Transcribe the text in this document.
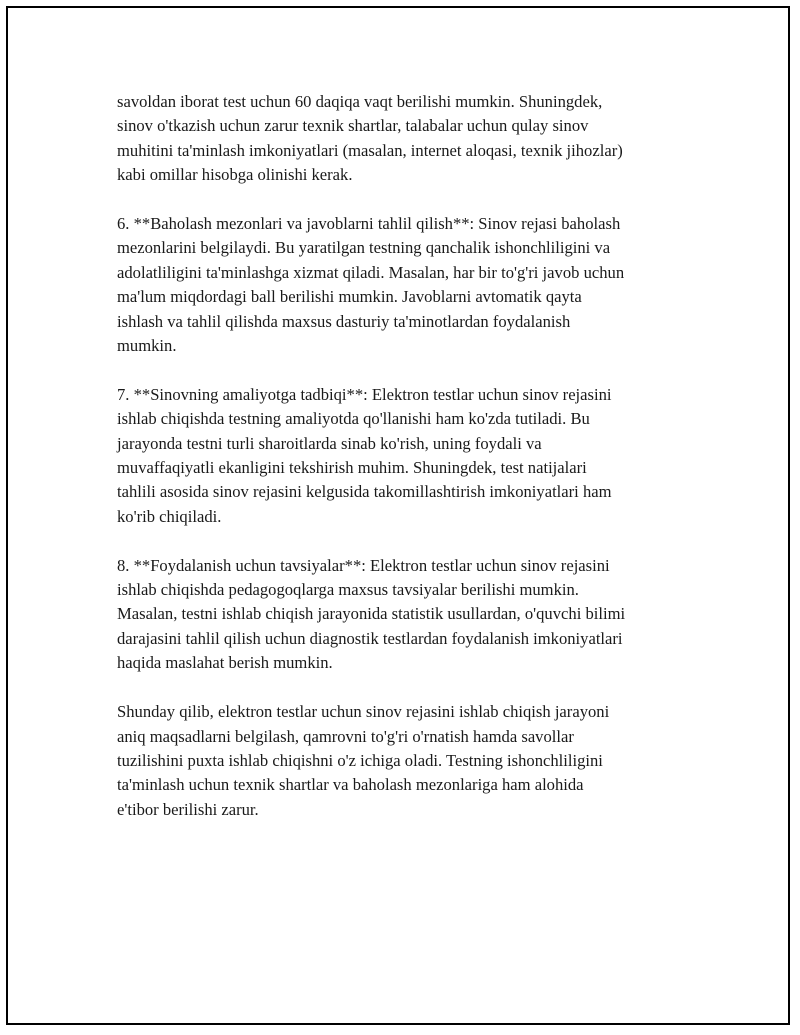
savoldan iborat test uchun 60 daqiqa vaqt berilishi mumkin. Shuningdek,
sinov o'tkazish uchun zarur texnik shartlar, talabalar uchun qulay sinov
muhitini ta'minlash imkoniyatlari (masalan, internet aloqasi, texnik jihozlar)
kabi omillar hisobga olinishi kerak.

6. **Baholash mezonlari va javoblarni tahlil qilish**: Sinov rejasi baholash
mezonlarini belgilaydi. Bu yaratilgan testning qanchalik ishonchliligini va
adolatliligini ta'minlashga xizmat qiladi. Masalan, har bir to'g'ri javob uchun
ma'lum miqdordagi ball berilishi mumkin. Javoblarni avtomatik qayta
ishlash va tahlil qilishda maxsus dasturiy ta'minotlardan foydalanish
mumkin.

7. **Sinovning amaliyotga tadbiqi**: Elektron testlar uchun sinov rejasini
ishlab chiqishda testning amaliyotda qo'llanishi ham ko'zda tutiladi. Bu
jarayonda testni turli sharoitlarda sinab ko'rish, uning foydali va
muvaffaqiyatli ekanligini tekshirish muhim. Shuningdek, test natijalari
tahlili asosida sinov rejasini kelgusida takomillashtirish imkoniyatlari ham
ko'rib chiqiladi.

8. **Foydalanish uchun tavsiyalar**: Elektron testlar uchun sinov rejasini
ishlab chiqishda pedagogoqlarga maxsus tavsiyalar berilishi mumkin.
Masalan, testni ishlab chiqish jarayonida statistik usullardan, o'quvchi bilimi
darajasini tahlil qilish uchun diagnostik testlardan foydalanish imkoniyatlari
haqida maslahat berish mumkin.

Shunday qilib, elektron testlar uchun sinov rejasini ishlab chiqish jarayoni
aniq maqsadlarni belgilash, qamrovni to'g'ri o'rnatish hamda savollar
tuzilishini puxta ishlab chiqishni o'z ichiga oladi. Testning ishonchliligini
ta'minlash uchun texnik shartlar va baholash mezonlariga ham alohida
e'tibor berilishi zarur.
